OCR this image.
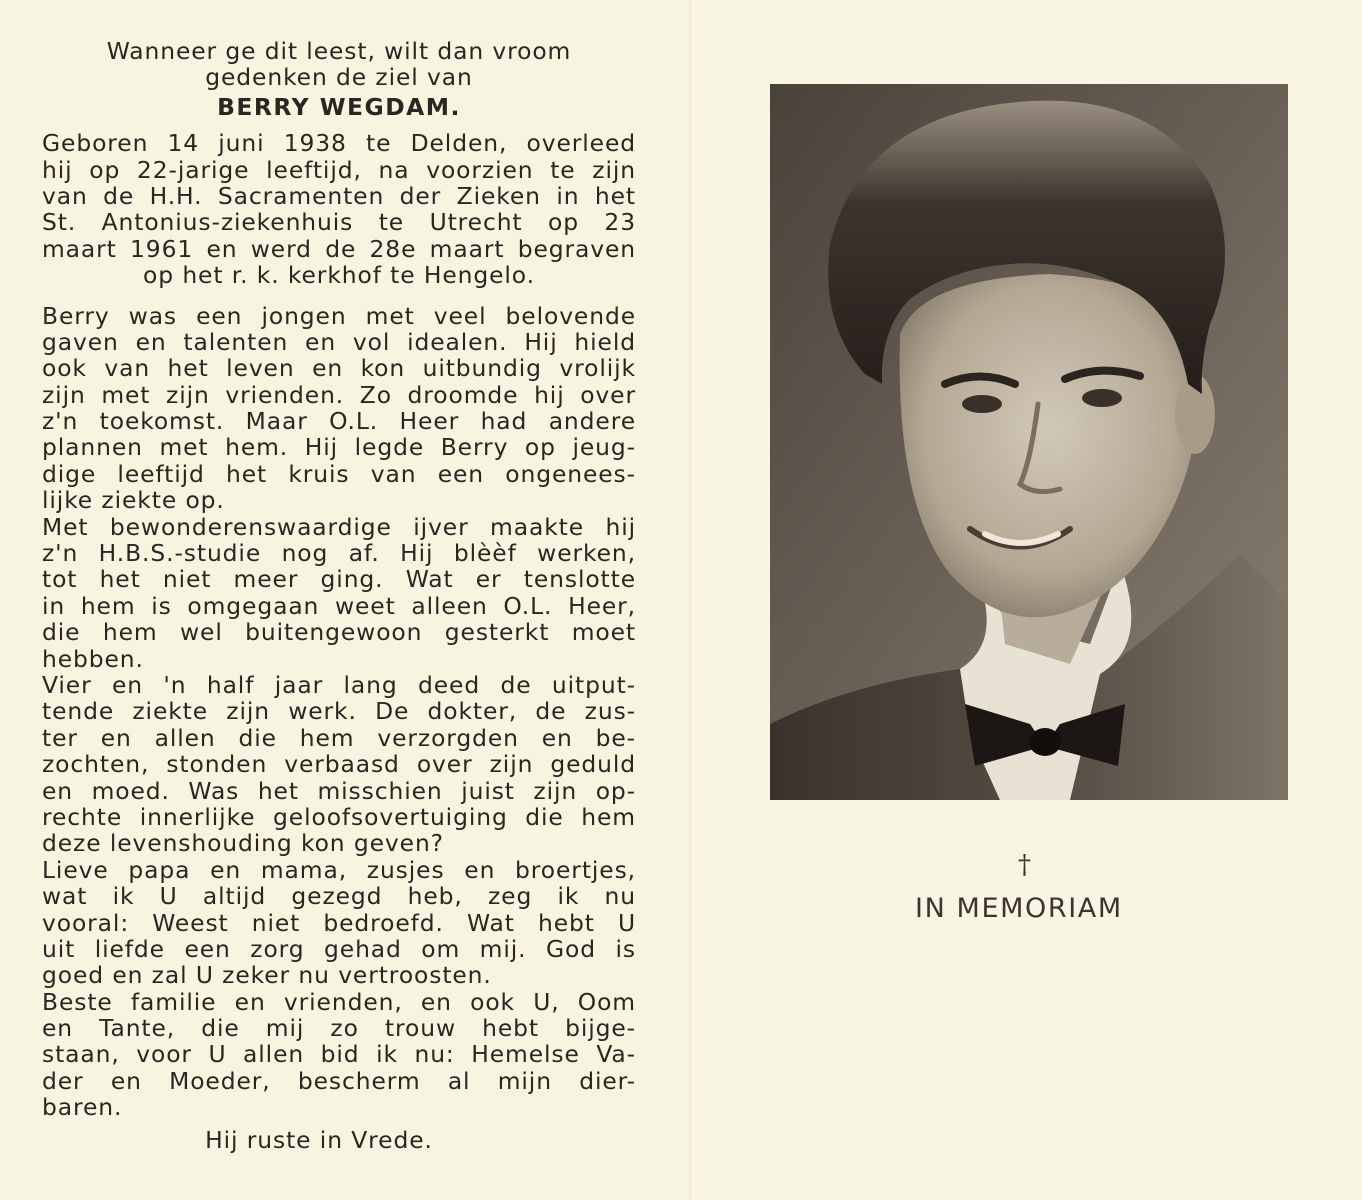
Wanneer ge dit leest, wilt dan vroom
gedenken de ziel van
BERRY WEGDAM.
Geboren 14 juni 1938 te Delden, overleed
hij op 22-jarige leeftijd, na voorzien te zijn
van de H.H. Sacramenten der Zieken in het
St. Antonius-ziekenhuis te Utrecht op 23
maart 1961 en werd de 28e maart begraven
op het r. k. kerkhof te Hengelo.
Berry was een jongen met veel belovende
gaven en talenten en vol idealen. Hij hield
ook van het leven en kon uitbundig vrolijk
zijn met zijn vrienden. Zo droomde hij over
z'n toekomst. Maar O.L. Heer had andere
plannen met hem. Hij legde Berry op jeug-
dige leeftijd het kruis van een ongenees-
lijke ziekte op.
Met bewonderenswaardige ijver maakte hij
z'n H.B.S.-studie nog af. Hij blèèf werken,
tot het niet meer ging. Wat er tenslotte
in hem is omgegaan weet alleen O.L. Heer,
die hem wel buitengewoon gesterkt moet
hebben.
Vier en 'n half jaar lang deed de uitput-
tende ziekte zijn werk. De dokter, de zus-
ter en allen die hem verzorgden en be-
zochten, stonden verbaasd over zijn geduld
en moed. Was het misschien juist zijn op-
rechte innerlijke geloofsovertuiging die hem
deze levenshouding kon geven?
Lieve papa en mama, zusjes en broertjes,
wat ik U altijd gezegd heb, zeg ik nu
vooral: Weest niet bedroefd. Wat hebt U
uit liefde een zorg gehad om mij. God is
goed en zal U zeker nu vertroosten.
Beste familie en vrienden, en ook U, Oom
en Tante, die mij zo trouw hebt bijge-
staan, voor U allen bid ik nu: Hemelse Va-
der en Moeder, bescherm al mijn dier-
baren.
Hij ruste in Vrede.
†
IN MEMORIAM
